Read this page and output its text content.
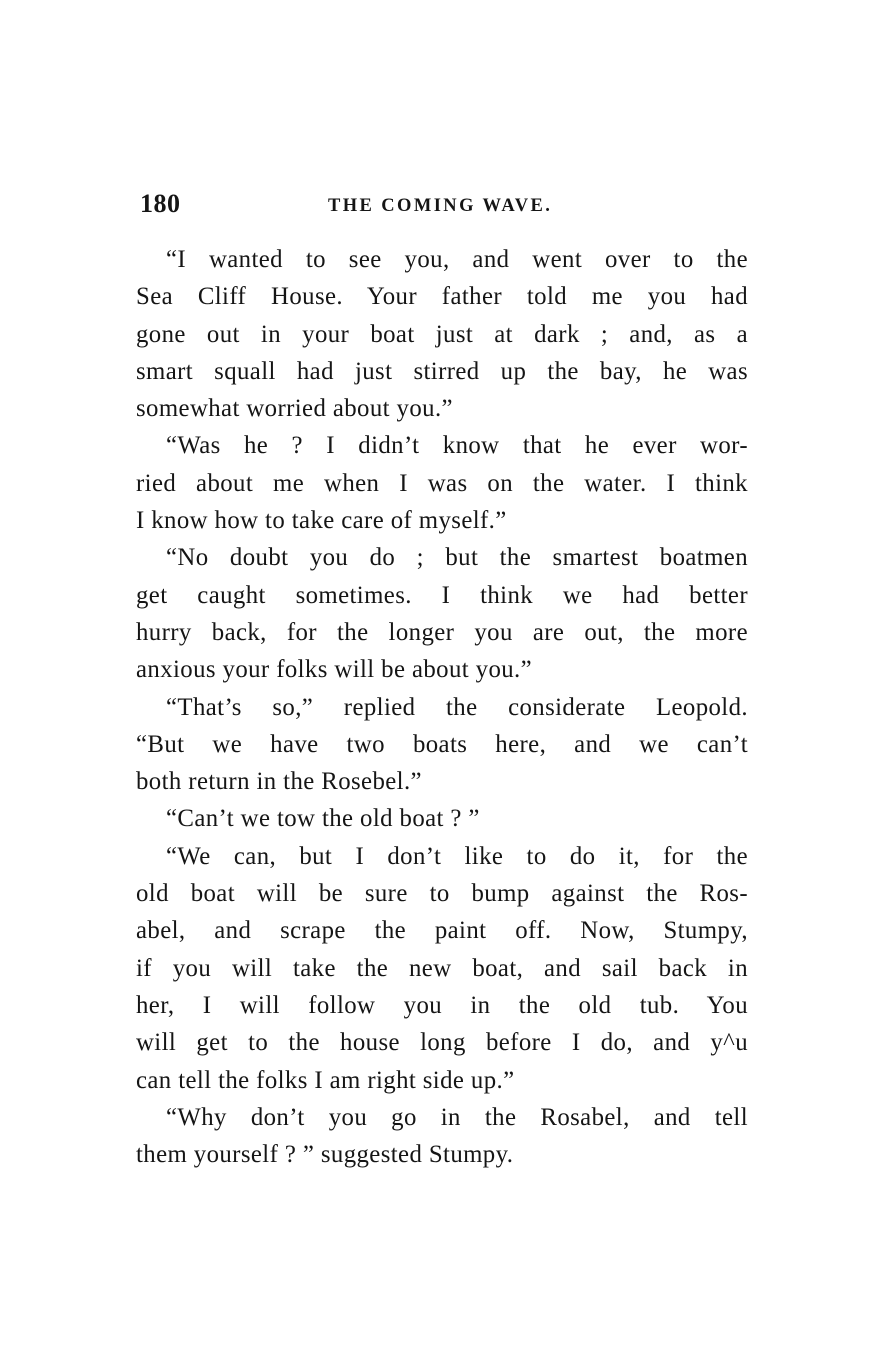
180	THE COMING WAVE.

“I wanted to see you, and went over to the
Sea Cliff House. Your father told me you had
gone out in your boat just at dark ; and, as a
smart squall had just stirred up the bay, he was
somewhat worried about you.”

“Was he ? I didn’t know that he ever wor-
ried about me when I was on the water. I think
I know how to take care of myself.”

“No doubt you do ; but the smartest boatmen
get caught sometimes. I think we had better
hurry back, for the longer you are out, the more
anxious your folks will be about you.”

“That’s so,” replied the considerate Leopold.
“But we have two boats here, and we can’t
both return in the Rosebel.”

“Can’t we tow the old boat ? ”

“We can, but I don’t like to do it, for the
old boat will be sure to bump against the Ros-
abel, and scrape the paint off. Now, Stumpy,
if you will take the new boat, and sail back in
her, I will follow you in the old tub. You
will get to the house long before I do, and y^u
can tell the folks I am right side up.”

“Why don’t you go in the Rosabel, and tell
them yourself ? ” suggested Stumpy.
